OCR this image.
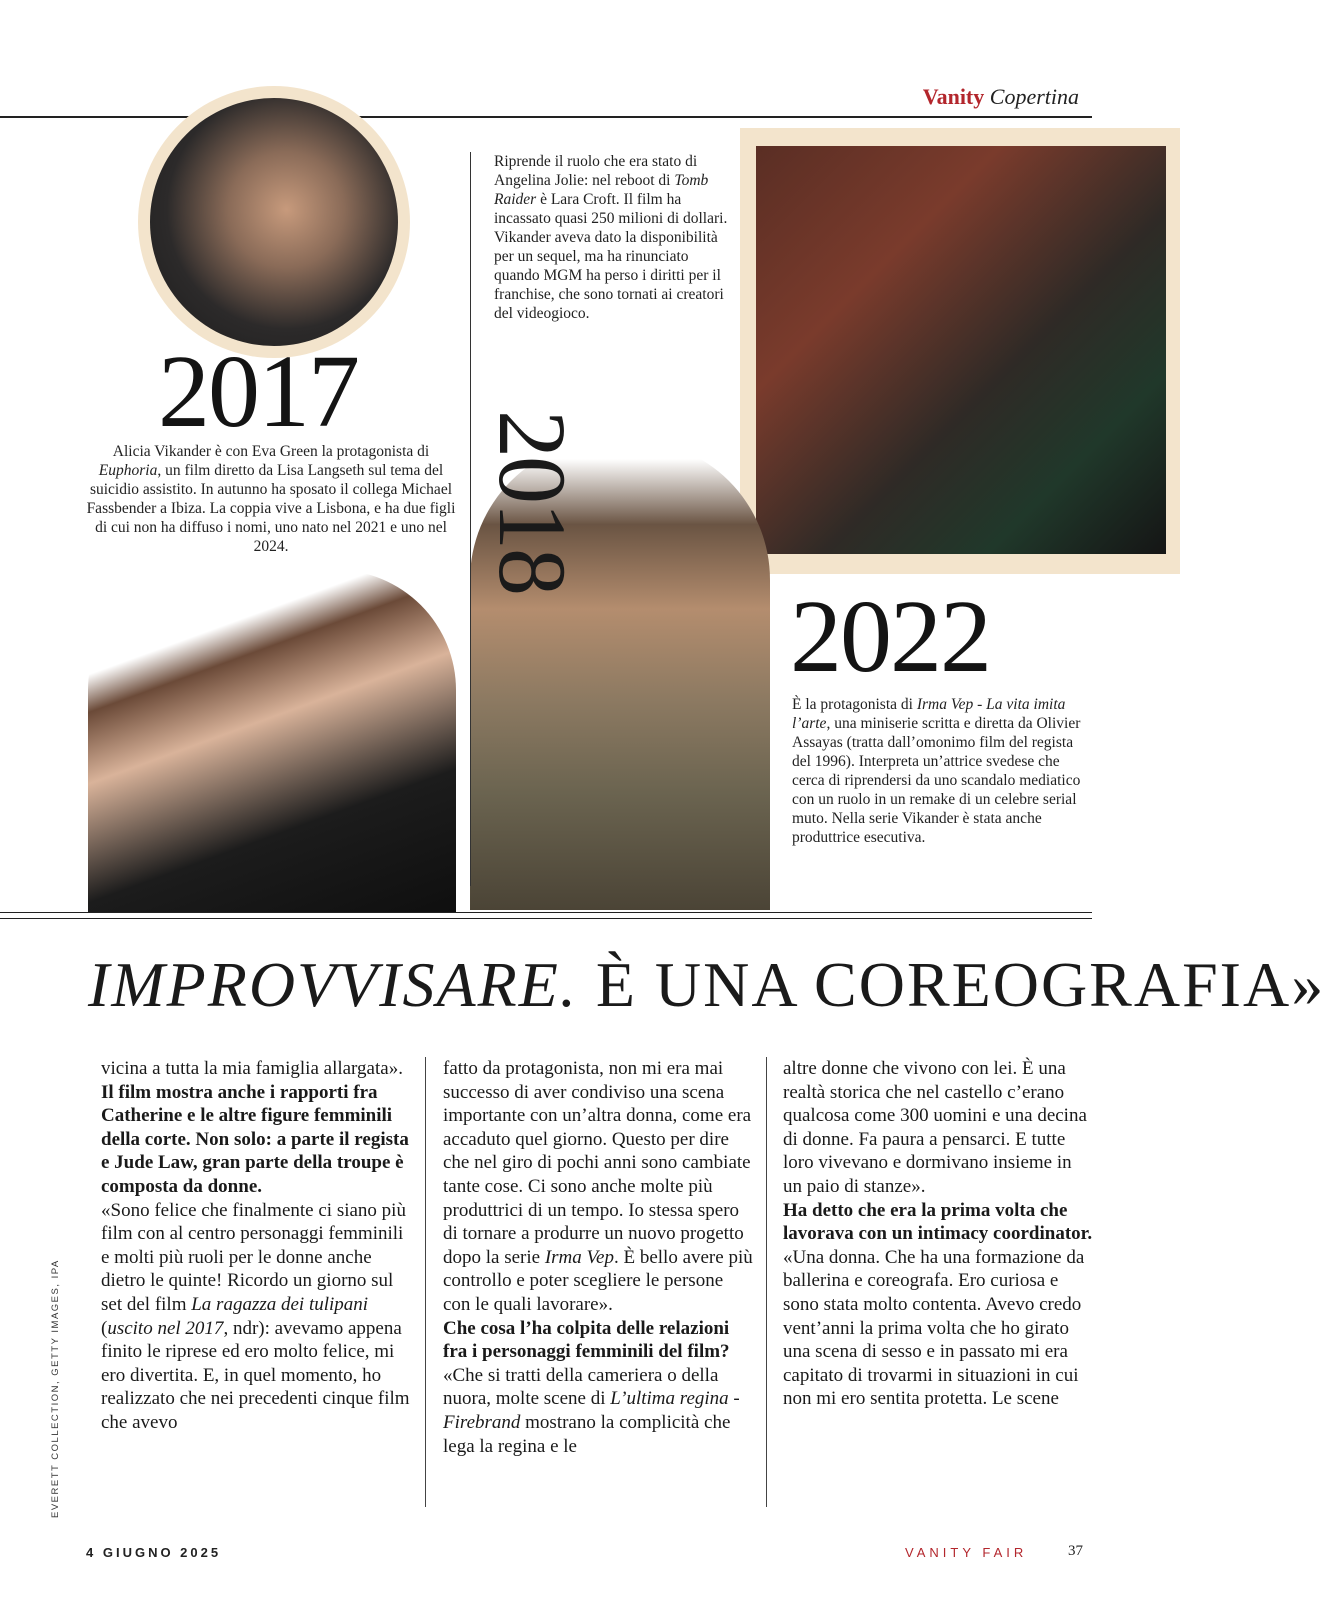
Vanity Copertina
2017
Alicia Vikander è con Eva Green la protagonista di Euphoria, un film diretto da Lisa Langseth sul tema del suicidio assistito. In autunno ha sposato il collega Michael Fassbender a Ibiza. La coppia vive a Lisbona, e ha due figli di cui non ha diffuso i nomi, uno nato nel 2021 e uno nel 2024.
Riprende il ruolo che era stato di Angelina Jolie: nel reboot di Tomb Raider è Lara Croft. Il film ha incassato quasi 250 milioni di dollari. Vikander aveva dato la disponibilità per un sequel, ma ha rinunciato quando MGM ha perso i diritti per il franchise, che sono tornati ai creatori del videogioco.
2018
2022
È la protagonista di Irma Vep - La vita imita l’arte, una miniserie scritta e diretta da Olivier Assayas (tratta dall’omonimo film del regista del 1996). Interpreta un’attrice svedese che cerca di riprendersi da uno scandalo mediatico con un ruolo in un remake di un celebre serial muto. Nella serie Vikander è stata anche produttrice esecutiva.
IMPROVVISARE. È UNA COREOGRAFIA»

vicina a tutta la mia famiglia allargata».

Il film mostra anche i rapporti fra Catherine e le altre figure femminili della corte. Non solo: a parte il regista e Jude Law, gran parte della troupe è composta da donne.

«Sono felice che finalmente ci siano più film con al centro personaggi femminili e molti più ruoli per le donne anche dietro le quinte! Ricordo un giorno sul set del film La ragazza dei tulipani (uscito nel 2017, ndr): avevamo appena finito le riprese ed ero molto felice, mi ero divertita. E, in quel momento, ho realizzato che nei precedenti cinque film che avevo

fatto da protagonista, non mi era mai successo di aver condiviso una scena importante con un’altra donna, come era accaduto quel giorno. Questo per dire che nel giro di pochi anni sono cambiate tante cose. Ci sono anche molte più produttrici di un tempo. Io stessa spero di tornare a produrre un nuovo progetto dopo la serie Irma Vep. È bello avere più controllo e poter scegliere le persone con le quali lavorare».

Che cosa l’ha colpita delle relazioni fra i personaggi femminili del film?

«Che si tratti della cameriera o della nuora, molte scene di L’ultima regina - Firebrand mostrano la complicità che lega la regina e le

altre donne che vivono con lei. È una realtà storica che nel castello c’erano qualcosa come 300 uomini e una decina di donne. Fa paura a pensarci. E tutte loro vivevano e dormivano insieme in un paio di stanze».

Ha detto che era la prima volta che lavorava con un intimacy coordinator.

«Una donna. Che ha una formazione da ballerina e coreografa. Ero curiosa e sono stata molto contenta. Avevo credo vent’anni la prima volta che ho girato una scena di sesso e in passato mi era capitato di trovarmi in situazioni in cui non mi ero sentita protetta. Le scene

EVERETT COLLECTION, GETTY IMAGES, IPA
4 GIUGNO 2025	VANITY FAIR	37
